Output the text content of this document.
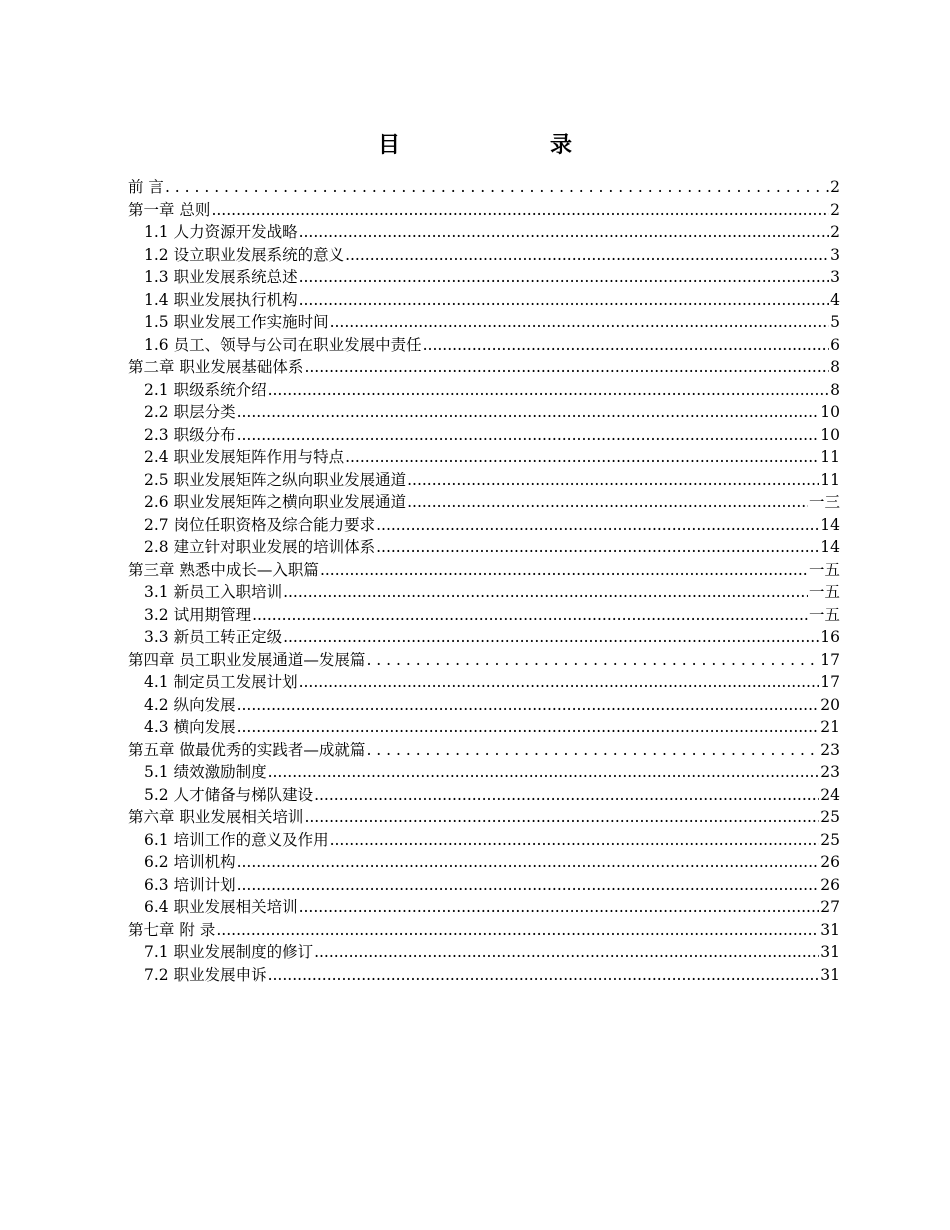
目	录
前 言 . . .	2
第一章 总则 .....	2
1.1 人力资源开发战略 .....	2
1.2 设立职业发展系统的意义 .....	3
1.3 职业发展系统总述 .....	3
1.4 职业发展执行机构 .....	4
1.5 职业发展工作实施时间 .....	5
1.6 员工、领导与公司在职业发展中责任 .....	6
第二章 职业发展基础体系 .....	8
2.1 职级系统介绍 .....	8
2.2 职层分类 .....	10
2.3 职级分布 .....	10
2.4 职业发展矩阵作用与特点 .....	11
2.5 职业发展矩阵之纵向职业发展通道 .....	11
2.6 职业发展矩阵之横向职业发展通道 .....	一三
2.7 岗位任职资格及综合能力要求 .....	14
2.8 建立针对职业发展的培训体系 .....	14
第三章 熟悉中成长—入职篇 .....	一五
3.1 新员工入职培训 .....	一五
3.2 试用期管理 .....	一五
3.3 新员工转正定级 .....	16
第四章 员工职业发展通道—发展篇 . . .	17
4.1 制定员工发展计划 .....	17
4.2 纵向发展 .....	20
4.3 横向发展 .....	21
第五章 做最优秀的实践者—成就篇 . . .	23
5.1 绩效激励制度 .....	23
5.2 人才储备与梯队建设 .....	24
第六章 职业发展相关培训 .....	25
6.1 培训工作的意义及作用 .....	25
6.2 培训机构 .....	26
6.3 培训计划 .....	26
6.4 职业发展相关培训 .....	27
第七章 附 录 .....	31
7.1 职业发展制度的修订 .....	31
7.2 职业发展申诉 .....	31
